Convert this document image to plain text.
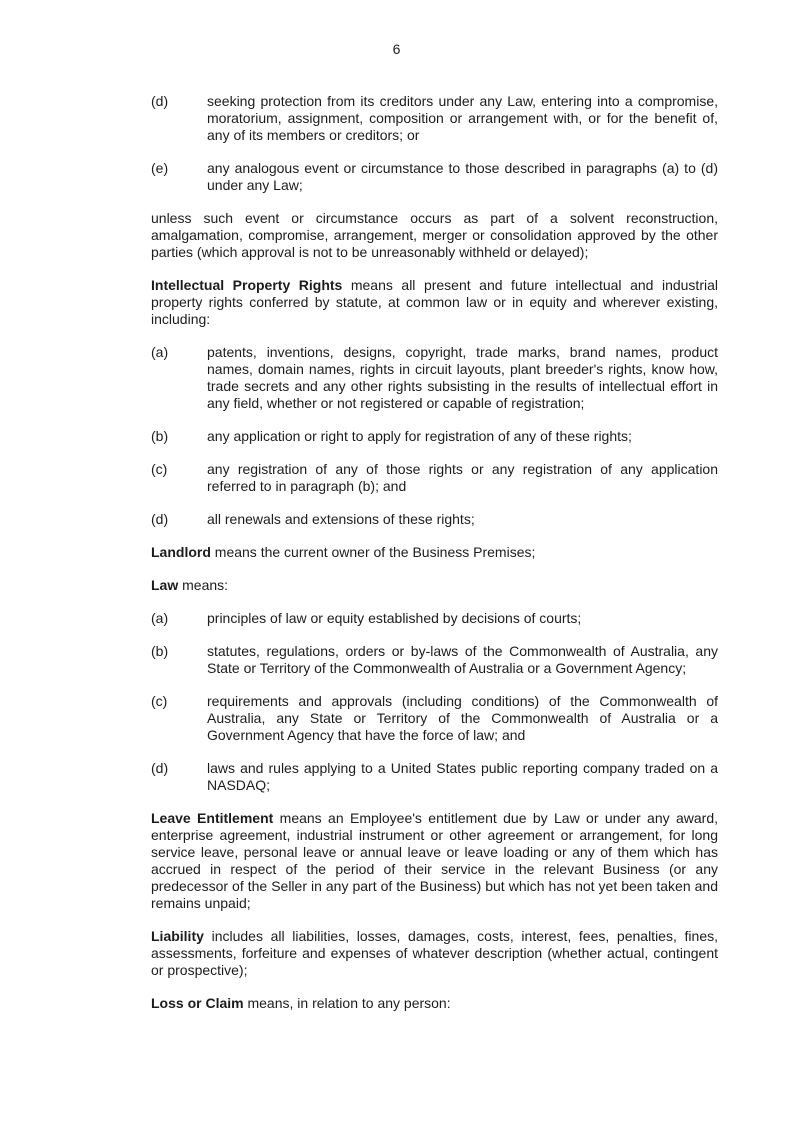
6

(d)	seeking protection from its creditors under any Law, entering into a compromise, moratorium, assignment, composition or arrangement with, or for the benefit of, any of its members or creditors; or
(e)	any analogous event or circumstance to those described in paragraphs (a) to (d) under any Law;

unless such event or circumstance occurs as part of a solvent reconstruction, amalgamation, compromise, arrangement, merger or consolidation approved by the other parties (which approval is not to be unreasonably withheld or delayed);

Intellectual Property Rights means all present and future intellectual and industrial property rights conferred by statute, at common law or in equity and wherever existing, including:

(a)	patents, inventions, designs, copyright, trade marks, brand names, product names, domain names, rights in circuit layouts, plant breeder's rights, know how, trade secrets and any other rights subsisting in the results of intellectual effort in any field, whether or not registered or capable of registration;
(b)	any application or right to apply for registration of any of these rights;
(c)	any registration of any of those rights or any registration of any application referred to in paragraph (b); and
(d)	all renewals and extensions of these rights;

Landlord means the current owner of the Business Premises;

Law means:

(a)	principles of law or equity established by decisions of courts;
(b)	statutes, regulations, orders or by-laws of the Commonwealth of Australia, any State or Territory of the Commonwealth of Australia or a Government Agency;
(c)	requirements and approvals (including conditions) of the Commonwealth of Australia, any State or Territory of the Commonwealth of Australia or a Government Agency that have the force of law; and
(d)	laws and rules applying to a United States public reporting company traded on a NASDAQ;

Leave Entitlement means an Employee's entitlement due by Law or under any award, enterprise agreement, industrial instrument or other agreement or arrangement, for long service leave, personal leave or annual leave or leave loading or any of them which has accrued in respect of the period of their service in the relevant Business (or any predecessor of the Seller in any part of the Business) but which has not yet been taken and remains unpaid;

Liability includes all liabilities, losses, damages, costs, interest, fees, penalties, fines, assessments, forfeiture and expenses of whatever description (whether actual, contingent or prospective);

Loss or Claim means, in relation to any person:
